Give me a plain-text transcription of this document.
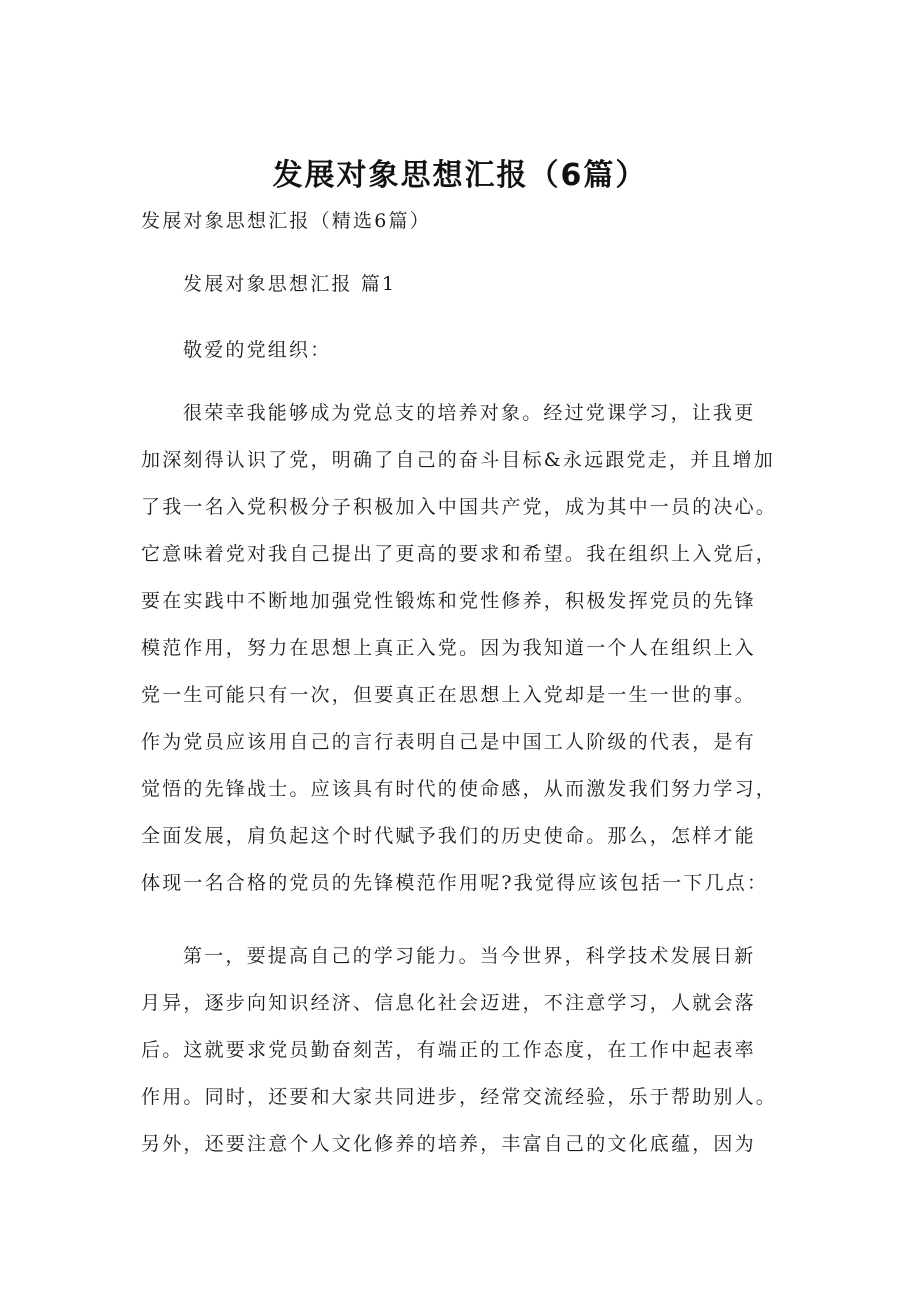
发展对象思想汇报（6篇）
发展对象思想汇报（精选6篇）
发展对象思想汇报 篇1
敬爱的党组织：
很荣幸我能够成为党总支的培养对象。经过党课学习，让我更
加深刻得认识了党，明确了自己的奋斗目标&永远跟党走，并且增加
了我一名入党积极分子积极加入中国共产党，成为其中一员的决心。
它意味着党对我自己提出了更高的要求和希望。我在组织上入党后，
要在实践中不断地加强党性锻炼和党性修养，积极发挥党员的先锋
模范作用，努力在思想上真正入党。因为我知道一个人在组织上入
党一生可能只有一次，但要真正在思想上入党却是一生一世的事。
作为党员应该用自己的言行表明自己是中国工人阶级的代表，是有
觉悟的先锋战士。应该具有时代的使命感，从而激发我们努力学习，
全面发展，肩负起这个时代赋予我们的历史使命。那么，怎样才能
体现一名合格的党员的先锋模范作用呢?我觉得应该包括一下几点：
第一，要提高自己的学习能力。当今世界，科学技术发展日新
月异，逐步向知识经济、信息化社会迈进，不注意学习，人就会落
后。这就要求党员勤奋刻苦，有端正的工作态度，在工作中起表率
作用。同时，还要和大家共同进步，经常交流经验，乐于帮助别人。
另外，还要注意个人文化修养的培养，丰富自己的文化底蕴，因为
